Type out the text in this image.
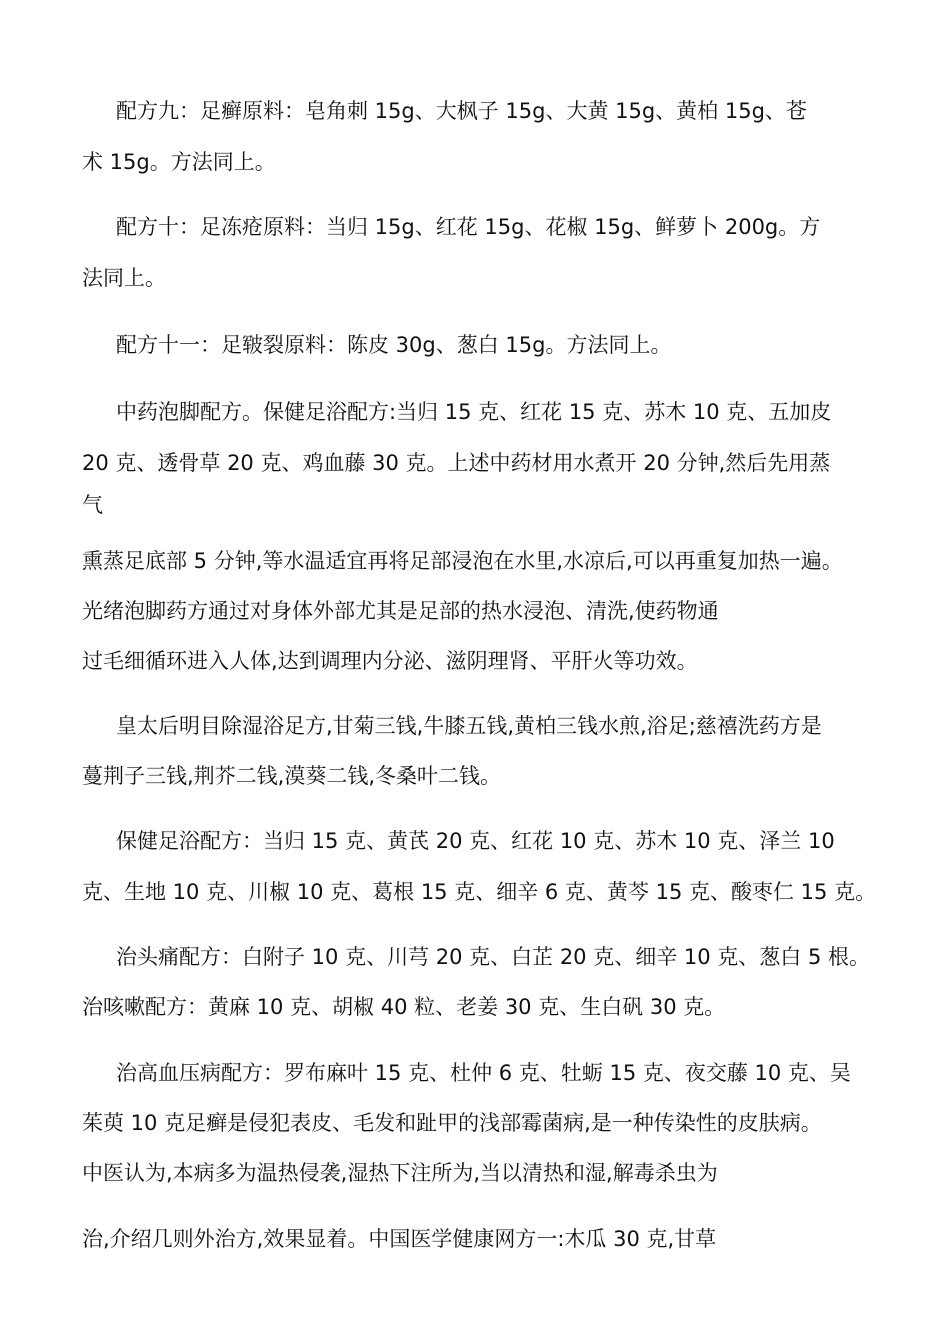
配方九：足癣原料：皂角刺 15g、大枫子 15g、大黄 15g、黄柏 15g、苍
术 15g。方法同上。
配方十：足冻疮原料：当归 15g、红花 15g、花椒 15g、鲜萝卜 200g。方
法同上。
配方十一：足皲裂原料：陈皮 30g、葱白 15g。方法同上。
中药泡脚配方。保健足浴配方:当归 15 克、红花 15 克、苏木 10 克、五加皮
20 克、透骨草 20 克、鸡血藤 30 克。上述中药材用水煮开 20 分钟,然后先用蒸
气
熏蒸足底部 5 分钟,等水温适宜再将足部浸泡在水里,水凉后,可以再重复加热一遍。
光绪泡脚药方通过对身体外部尤其是足部的热水浸泡、清洗,使药物通
过毛细循环进入人体,达到调理内分泌、滋阴理肾、平肝火等功效。
皇太后明目除湿浴足方,甘菊三钱,牛膝五钱,黄柏三钱水煎,浴足;慈禧洗药方是
蔓荆子三钱,荆芥二钱,漠葵二钱,冬桑叶二钱。
保健足浴配方：当归 15 克、黄芪 20 克、红花 10 克、苏木 10 克、泽兰 10
克、生地 10 克、川椒 10 克、葛根 15 克、细辛 6 克、黄芩 15 克、酸枣仁 15 克。
治头痛配方：白附子 10 克、川芎 20 克、白芷 20 克、细辛 10 克、葱白 5 根。
治咳嗽配方：黄麻 10 克、胡椒 40 粒、老姜 30 克、生白矾 30 克。
治高血压病配方：罗布麻叶 15 克、杜仲 6 克、牡蛎 15 克、夜交藤 10 克、吴
茱萸 10 克足癣是侵犯表皮、毛发和趾甲的浅部霉菌病,是一种传染性的皮肤病。
中医认为,本病多为温热侵袭,湿热下注所为,当以清热和湿,解毒杀虫为
治,介绍几则外治方,效果显着。中国医学健康网方一:木瓜 30 克,甘草
